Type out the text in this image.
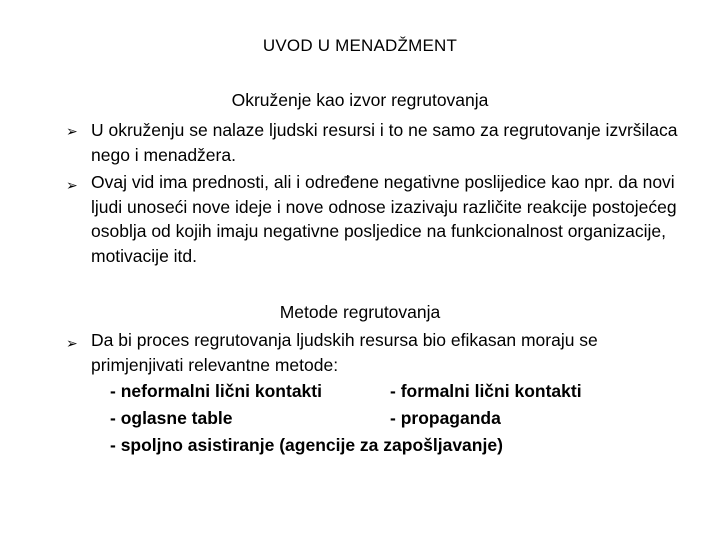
UVOD U MENADŽMENT
Okruženje kao izvor regrutovanja
➢ U okruženju se nalaze ljudski resursi i to ne samo za regrutovanje izvršilaca nego i menadžera.
➢ Ovaj vid ima prednosti, ali i određene negativne poslijedice kao npr. da novi ljudi unoseći nove ideje i nove odnose izazivaju različite reakcije postojećeg osoblja od kojih imaju negativne posljedice na funkcionalnost organizacije, motivacije itd.
Metode regrutovanja
➢ Da bi proces regrutovanja ljudskih resursa bio efikasan moraju se primjenjivati relevantne metode:
- neformalni lični kontakti	- formalni lični kontakti
- oglasne table	- propaganda
- spoljno asistiranje (agencije za zapošljavanje)
